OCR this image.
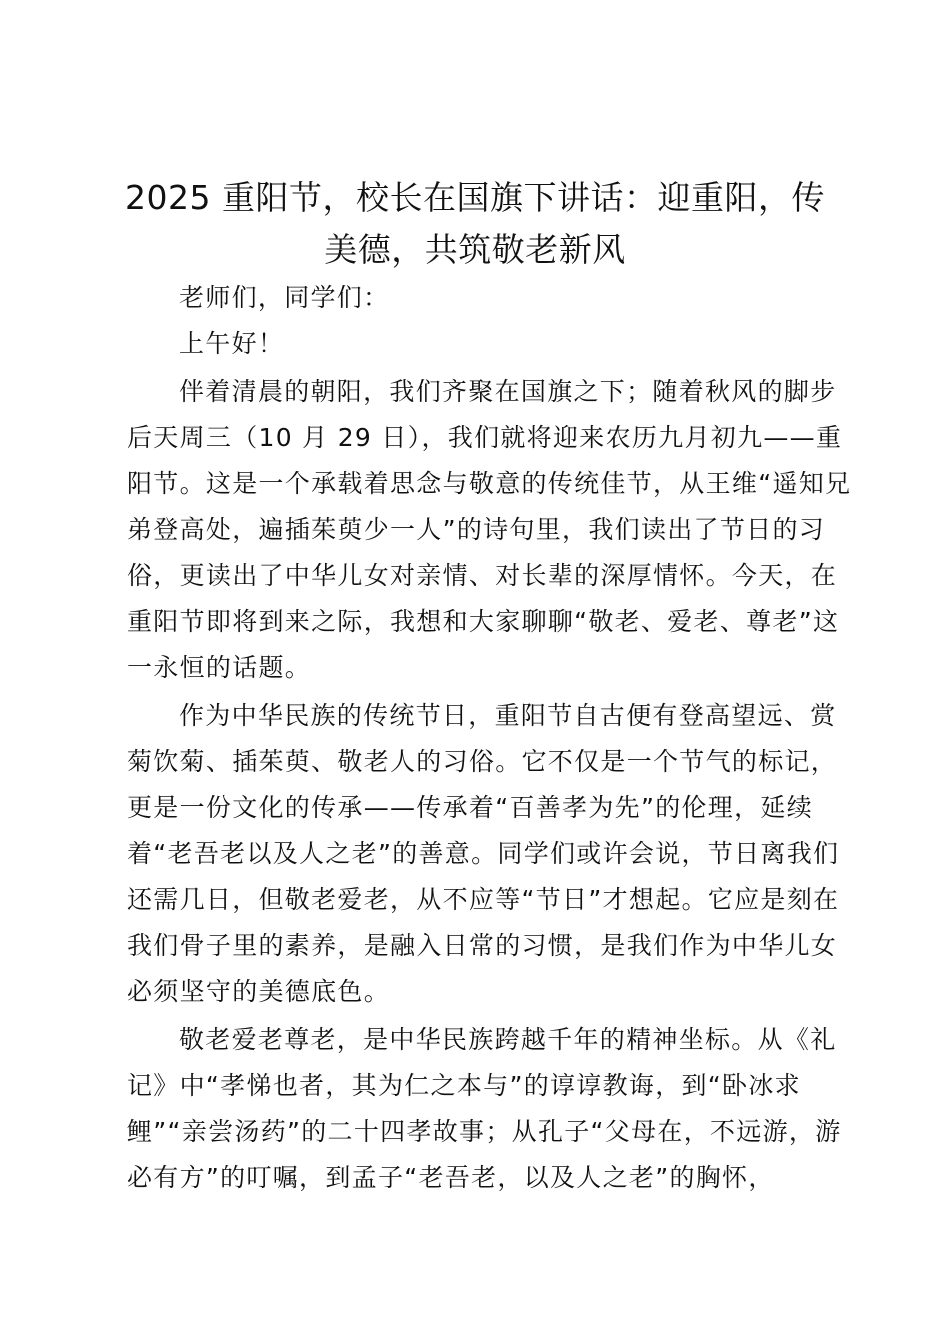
2025 重阳节，校长在国旗下讲话：迎重阳，传美德，共筑敬老新风

老师们，同学们：

上午好！

伴着清晨的朝阳，我们齐聚在国旗之下；随着秋风的脚步后天周三（10 月 29 日），我们就将迎来农历九月初九——重阳节。这是一个承载着思念与敬意的传统佳节，从王维“遥知兄弟登高处，遍插茱萸少一人”的诗句里，我们读出了节日的习俗，更读出了中华儿女对亲情、对长辈的深厚情怀。今天，在重阳节即将到来之际，我想和大家聊聊“敬老、爱老、尊老”这一永恒的话题。

作为中华民族的传统节日，重阳节自古便有登高望远、赏菊饮菊、插茱萸、敬老人的习俗。它不仅是一个节气的标记，更是一份文化的传承——传承着“百善孝为先”的伦理，延续着“老吾老以及人之老”的善意。同学们或许会说，节日离我们还需几日，但敬老爱老，从不应等“节日”才想起。它应是刻在我们骨子里的素养，是融入日常的习惯，是我们作为中华儿女必须坚守的美德底色。

敬老爱老尊老，是中华民族跨越千年的精神坐标。从《礼记》中“孝悌也者，其为仁之本与”的谆谆教诲，到“卧冰求鲤”“亲尝汤药”的二十四孝故事；从孔子“父母在，不远游，游必有方”的叮嘱，到孟子“老吾老，以及人之老”的胸怀，
